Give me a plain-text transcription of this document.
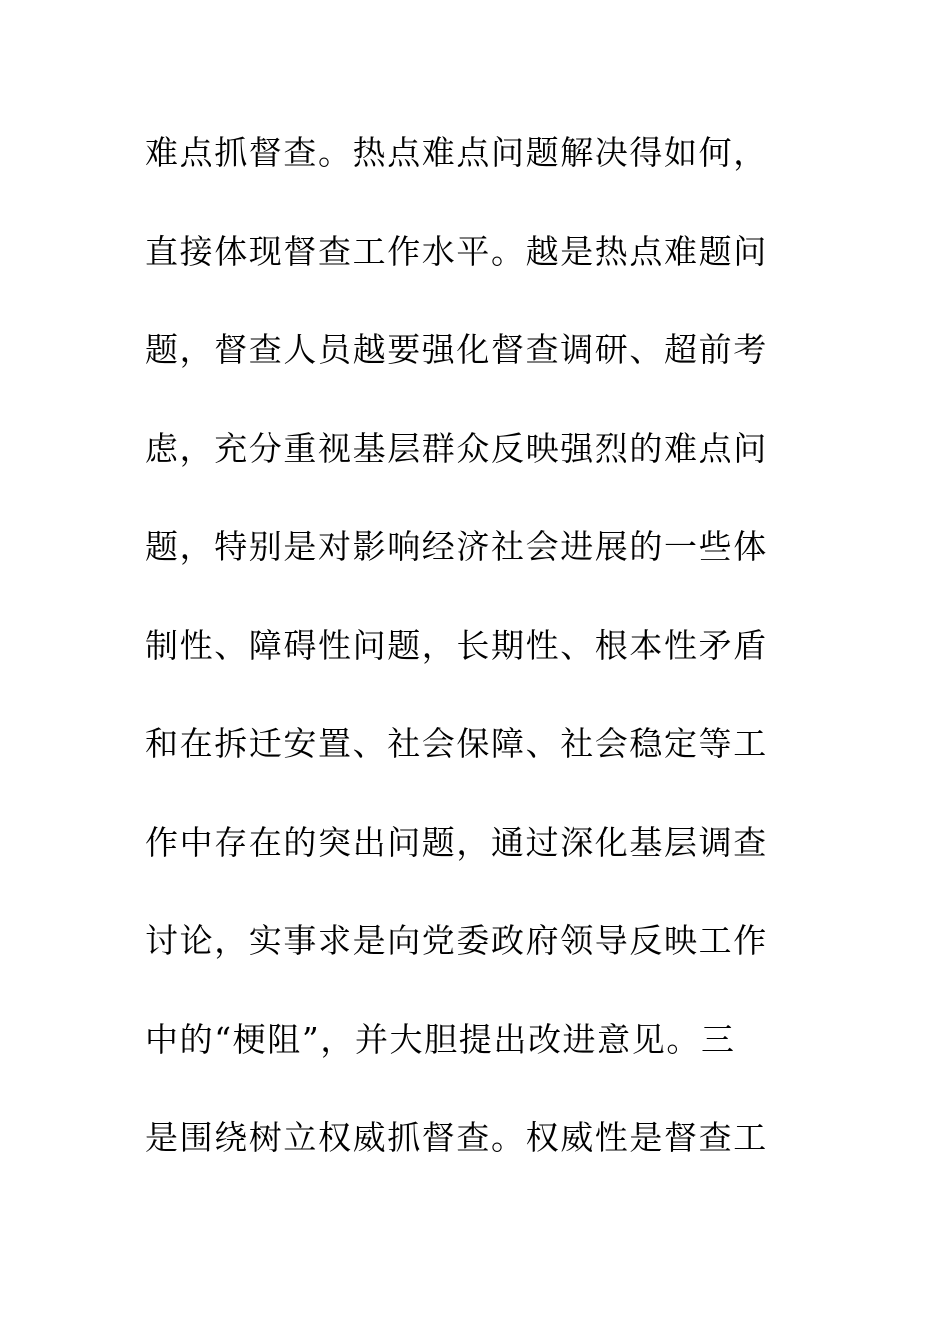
难点抓督查。热点难点问题解决得如何，
直接体现督查工作水平。越是热点难题问
题，督查人员越要强化督查调研、超前考
虑，充分重视基层群众反映强烈的难点问
题，特别是对影响经济社会进展的一些体
制性、障碍性问题，长期性、根本性矛盾
和在拆迁安置、社会保障、社会稳定等工
作中存在的突出问题，通过深化基层调查
讨论，实事求是向党委政府领导反映工作
中的“梗阻”，并大胆提出改进意见。三
是围绕树立权威抓督查。权威性是督查工
